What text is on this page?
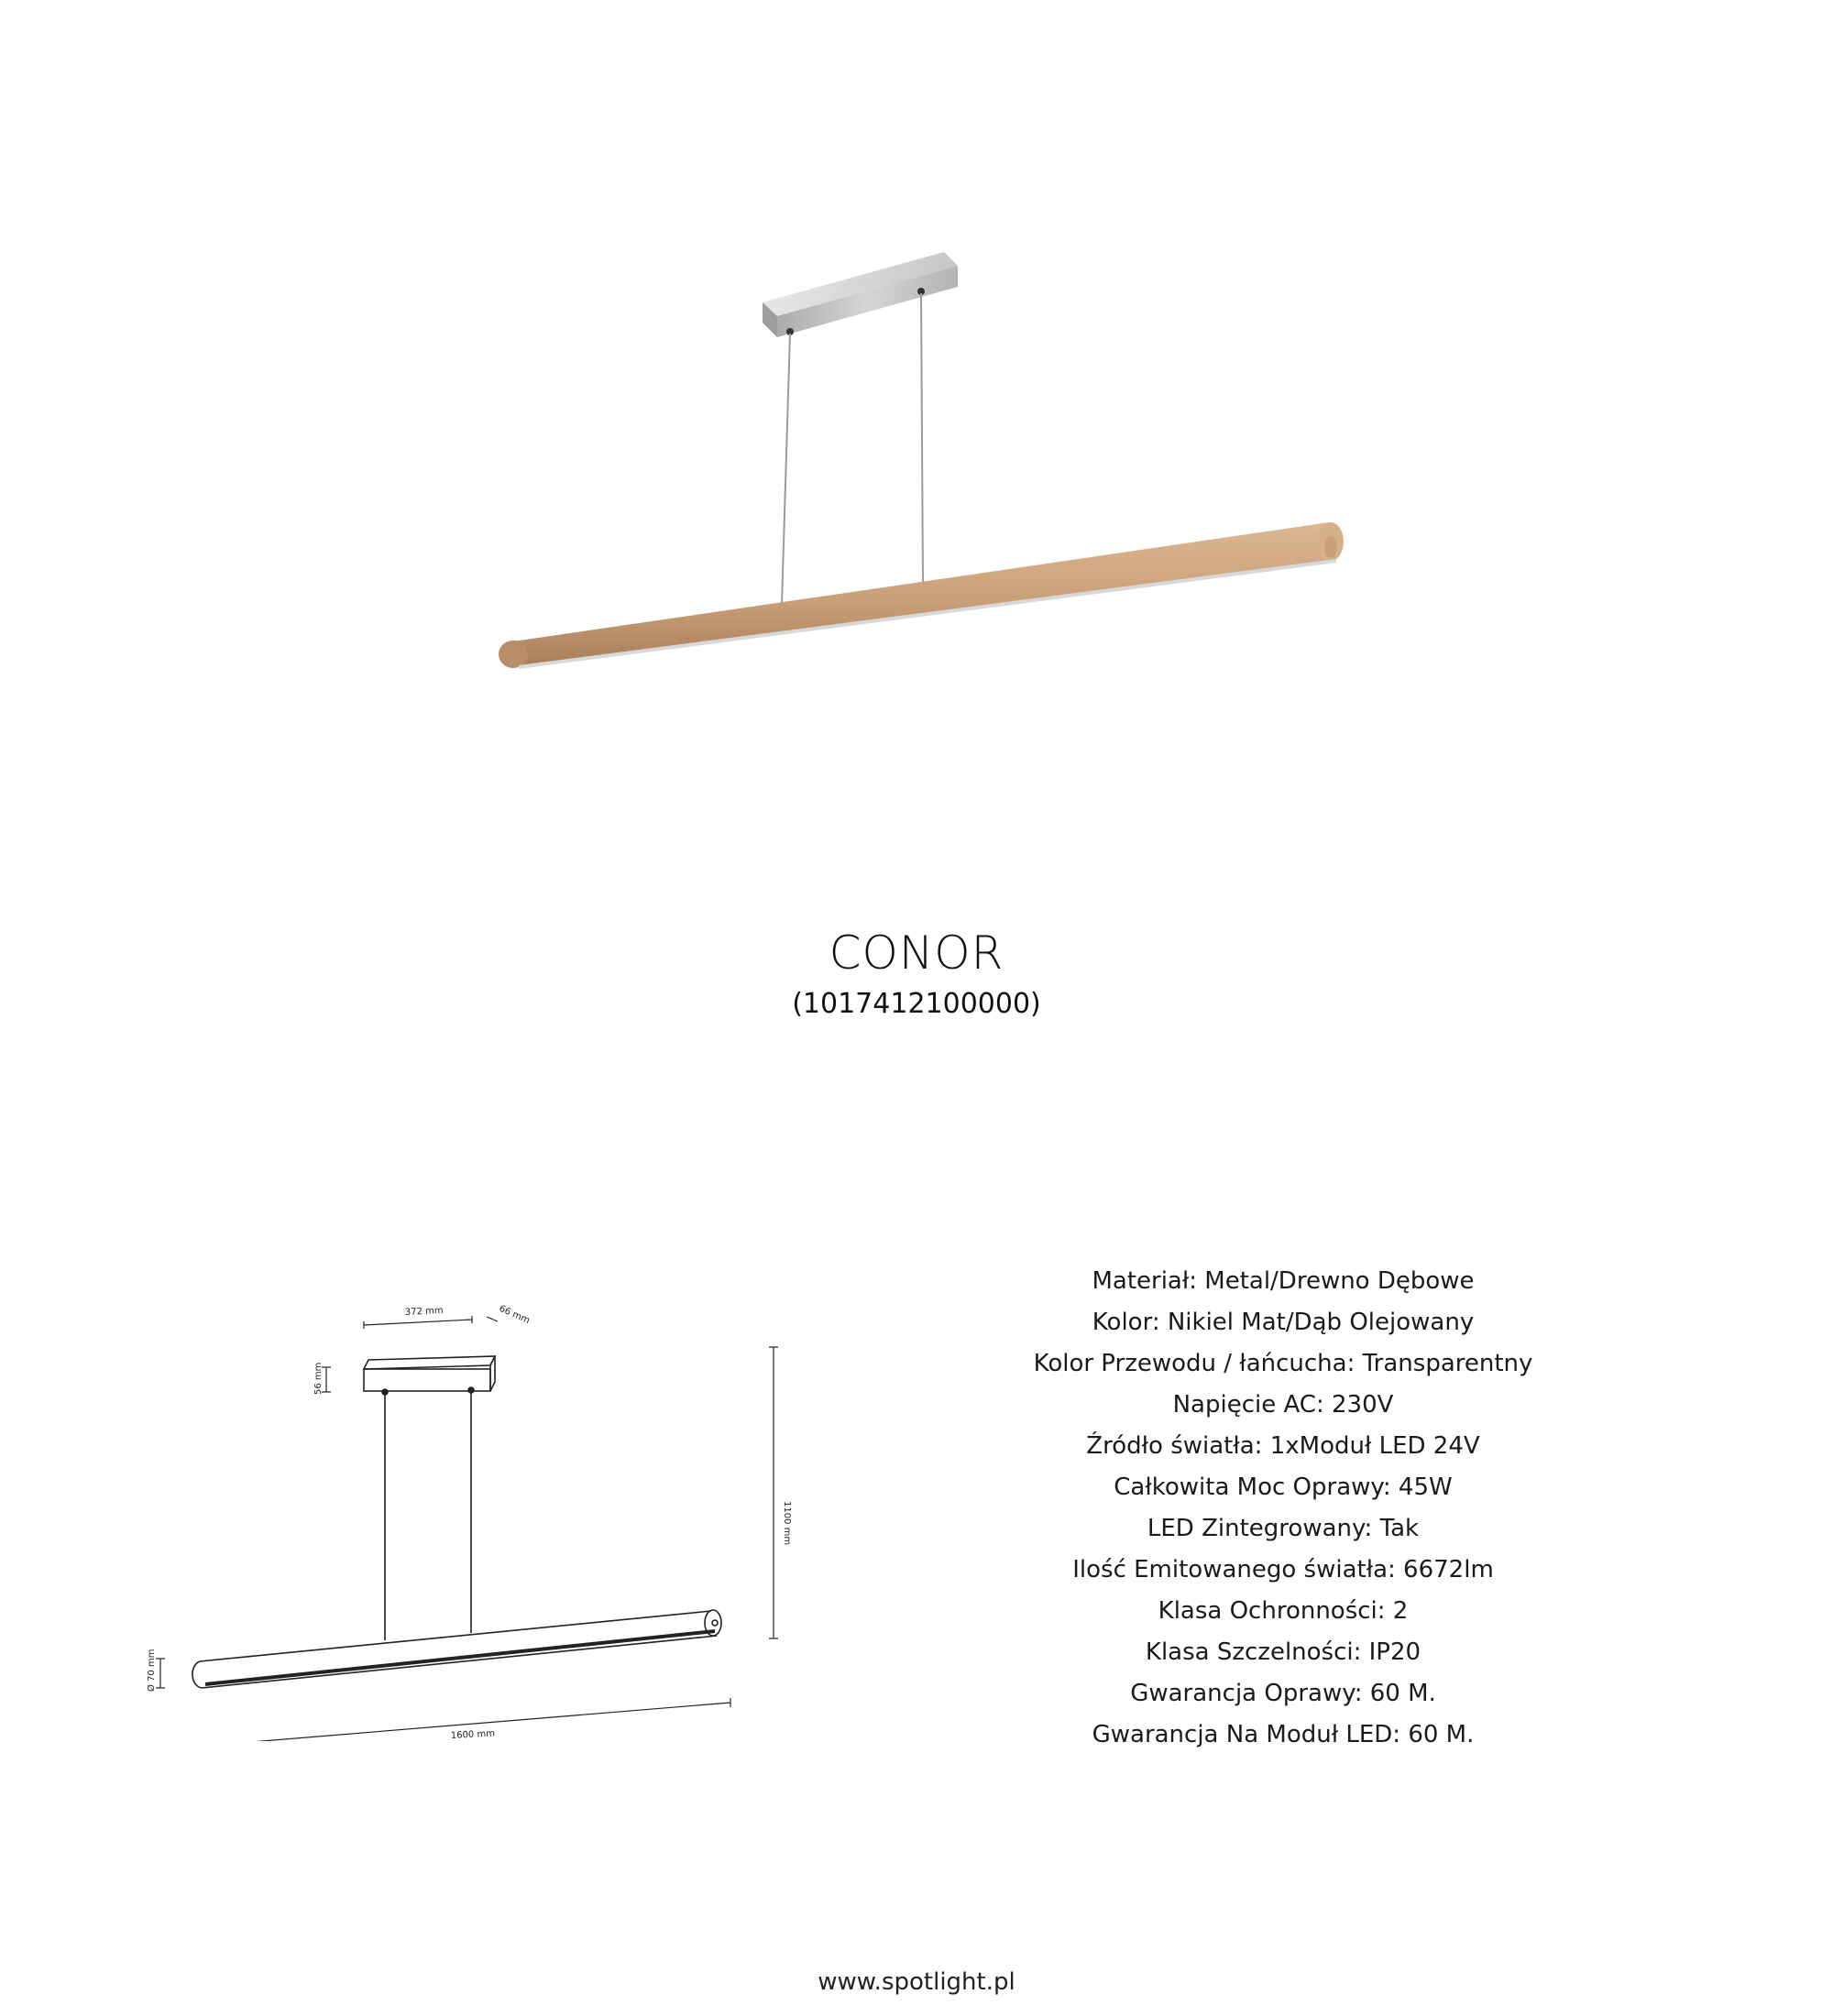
CONOR
(1017412100000)
372 mm	66 mm
56 mm
1100 mm
Ø 70 mm
1600 mm
Materiał: Metal/Drewno Dębowe
Kolor: Nikiel Mat/Dąb Olejowany
Kolor Przewodu / łańcucha: Transparentny
Napięcie AC: 230V
Źródło światła: 1xModuł LED 24V
Całkowita Moc Oprawy: 45W
LED Zintegrowany: Tak
Ilość Emitowanego światła: 6672lm
Klasa Ochronności: 2
Klasa Szczelności: IP20
Gwarancja Oprawy: 60 M.
Gwarancja Na Moduł LED: 60 M.
www.spotlight.pl
